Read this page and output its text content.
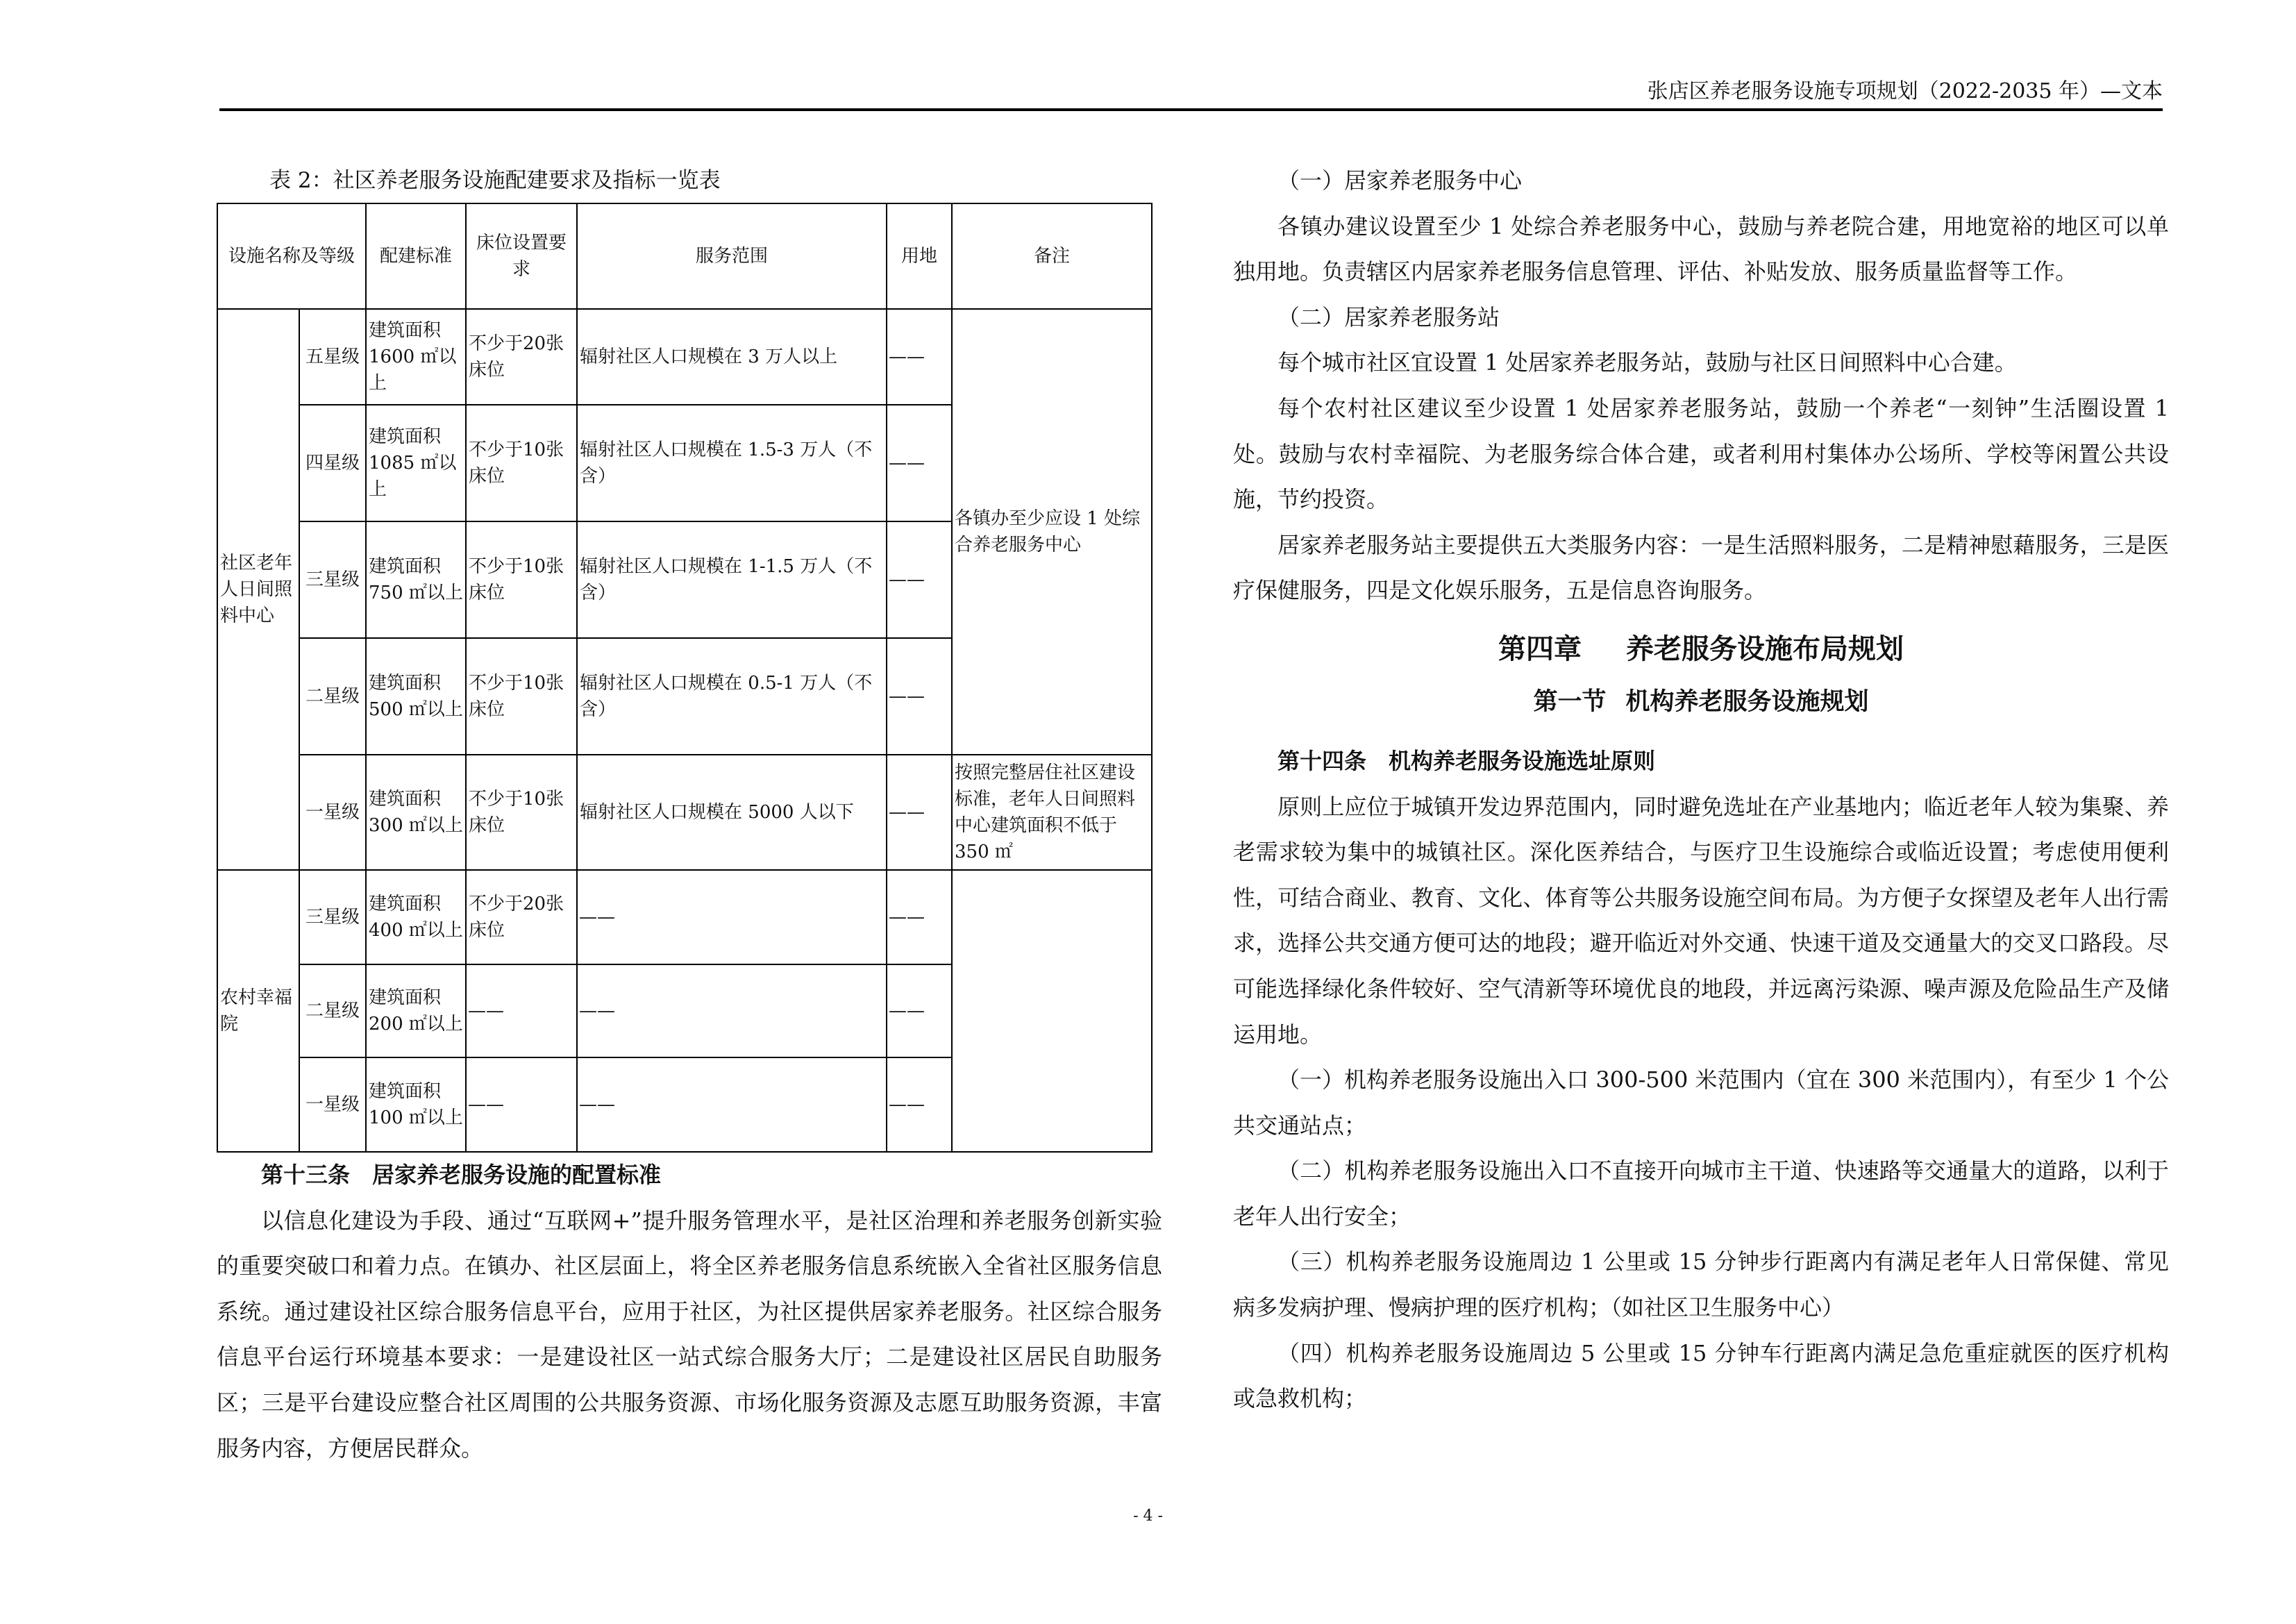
张店区养老服务设施专项规划（2022-2035 年）—文本
表 2：社区养老服务设施配建要求及指标一览表
设施名称及等级		配建标准	床位设置要求	服务范围	用地	备注
社区老年人日间照料中心	五星级	建筑面积1600 ㎡以上	不少于20张床位	辐射社区人口规模在 3 万人以上	——	各镇办至少应设 1 处综合养老服务中心
	四星级	建筑面积1085 ㎡以上	不少于10张床位	辐射社区人口规模在 1.5-3 万人（不含）	——	
	三星级	建筑面积750 ㎡以上	不少于10张床位	辐射社区人口规模在 1-1.5 万人（不含）	——	
	二星级	建筑面积500 ㎡以上	不少于10张床位	辐射社区人口规模在 0.5-1 万人（不含）	——	
	一星级	建筑面积300 ㎡以上	不少于10张床位	辐射社区人口规模在 5000 人以下	——	按照完整居住社区建设标准，老年人日间照料中心建筑面积不低于 350 ㎡
农村幸福院	三星级	建筑面积400 ㎡以上	不少于20张床位	——	——	
	二星级	建筑面积200 ㎡以上	——	——	——	
	一星级	建筑面积100 ㎡以上	——	——	——	

第十三条　居家养老服务设施的配置标准

以信息化建设为手段、通过“互联网+”提升服务管理水平，是社区治理和养老服务创新实验的重要突破口和着力点。在镇办、社区层面上，将全区养老服务信息系统嵌入全省社区服务信息系统。通过建设社区综合服务信息平台，应用于社区，为社区提供居家养老服务。社区综合服务信息平台运行环境基本要求：一是建设社区一站式综合服务大厅；二是建设社区居民自助服务区；三是平台建设应整合社区周围的公共服务资源、市场化服务资源及志愿互助服务资源，丰富服务内容，方便居民群众。

（一）居家养老服务中心

各镇办建议设置至少 1 处综合养老服务中心，鼓励与养老院合建，用地宽裕的地区可以单独用地。负责辖区内居家养老服务信息管理、评估、补贴发放、服务质量监督等工作。

（二）居家养老服务站

每个城市社区宜设置 1 处居家养老服务站，鼓励与社区日间照料中心合建。

每个农村社区建议至少设置 1 处居家养老服务站，鼓励一个养老“一刻钟”生活圈设置 1 处。鼓励与农村幸福院、为老服务综合体合建，或者利用村集体办公场所、学校等闲置公共设施，节约投资。

居家养老服务站主要提供五大类服务内容：一是生活照料服务，二是精神慰藉服务，三是医疗保健服务，四是文化娱乐服务，五是信息咨询服务。

第四章 养老服务设施布局规划
第一节 机构养老服务设施规划

第十四条　机构养老服务设施选址原则

原则上应位于城镇开发边界范围内，同时避免选址在产业基地内；临近老年人较为集聚、养老需求较为集中的城镇社区。深化医养结合，与医疗卫生设施综合或临近设置；考虑使用便利性，可结合商业、教育、文化、体育等公共服务设施空间布局。为方便子女探望及老年人出行需求，选择公共交通方便可达的地段；避开临近对外交通、快速干道及交通量大的交叉口路段。尽可能选择绿化条件较好、空气清新等环境优良的地段，并远离污染源、噪声源及危险品生产及储运用地。

（一）机构养老服务设施出入口 300-500 米范围内（宜在 300 米范围内），有至少 1 个公共交通站点；

（二）机构养老服务设施出入口不直接开向城市主干道、快速路等交通量大的道路，以利于老年人出行安全；

（三）机构养老服务设施周边 1 公里或 15 分钟步行距离内有满足老年人日常保健、常见病多发病护理、慢病护理的医疗机构；（如社区卫生服务中心）

（四）机构养老服务设施周边 5 公里或 15 分钟车行距离内满足急危重症就医的医疗机构或急救机构；

- 4 -
